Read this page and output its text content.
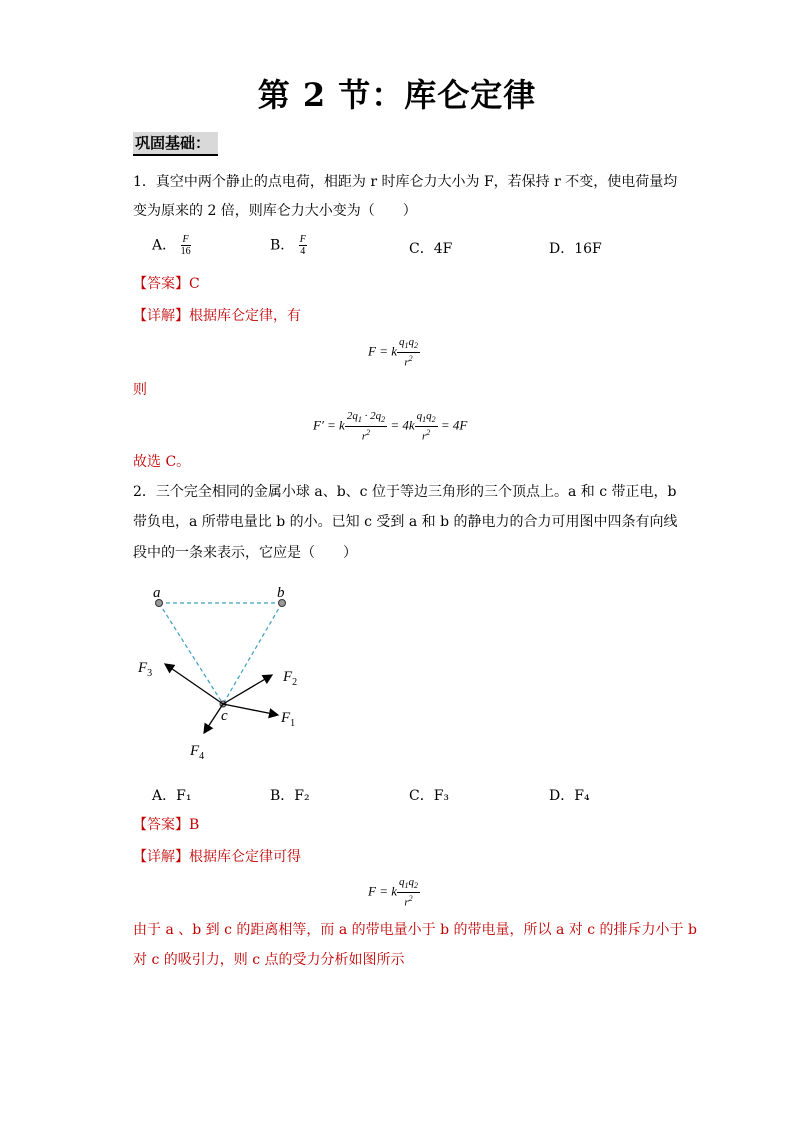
第 2 节：库仑定律
巩固基础：
1．真空中两个静止的点电荷，相距为 r 时库仑力大小为 F，若保持 r 不变，使电荷量均
变为原来的 2 倍，则库仑力大小变为（　　）
A． $\frac{F}{16}$	B． $\frac{F}{4}$	C．4F	D．16F
【答案】C
【详解】根据库仑定律，有
F = k $\frac{q_1q_2}{r^2}$
则
F′ = k $\frac{2q_1 \cdot 2q_2}{r^2} = 4k \frac{q_1q_2}{r^2} = 4F$
故选 C。
2．三个完全相同的金属小球 a、b、c 位于等边三角形的三个顶点上。a 和 c 带正电，b
带负电，a 所带电量比 b 的小。已知 c 受到 a 和 b 的静电力的合力可用图中四条有向线
段中的一条来表示，它应是（　　）
a	b
c	$F_1$
$F_2$
$F_3$
$F_4$
A．F₁	B．F₂	C．F₃	D．F₄
【答案】B
【详解】根据库仑定律可得
F = k $\frac{q_1q_2}{r^2}$
由于 a 、b 到 c 的距离相等，而 a 的带电量小于 b 的带电量，所以 a 对 c 的排斥力小于 b
对 c 的吸引力，则 c 点的受力分析如图所示
